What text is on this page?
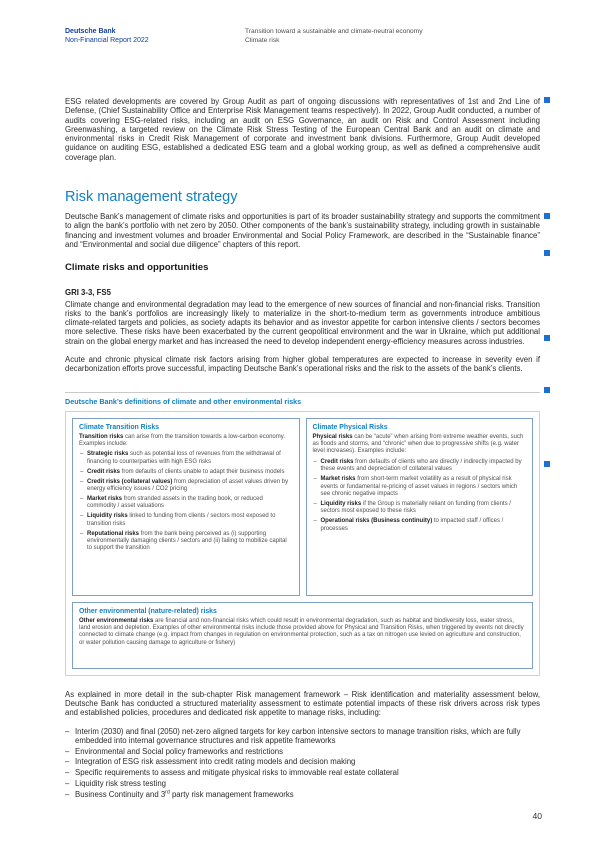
Deutsche Bank
Non-Financial Report 2022
Transition toward a sustainable and climate-neutral economy
Climate risk

ESG related developments are covered by Group Audit as part of ongoing discussions with representatives of 1st and 2nd Line of Defense, (Chief Sustainability Office and Enterprise Risk Management teams respectively). In 2022, Group Audit conducted, a number of audits covering ESG-related risks, including an audit on ESG Governance, an audit on Risk and Control Assessment including Greenwashing, a targeted review on the Climate Risk Stress Testing of the European Central Bank and an audit on climate and environmental risks in Credit Risk Management of corporate and investment bank divisions. Furthermore, Group Audit developed guidance on auditing ESG, established a dedicated ESG team and a global working group, as well as defined a comprehensive audit coverage plan.

Risk management strategy

Deutsche Bank’s management of climate risks and opportunities is part of its broader sustainability strategy and supports the commitment to align the bank’s portfolio with net zero by 2050. Other components of the bank’s sustainability strategy, including growth in sustainable financing and investment volumes and broader Environmental and Social Policy Framework, are described in the “Sustainable finance” and “Environmental and social due diligence” chapters of this report.

Climate risks and opportunities

GRI 3-3, FS5

Climate change and environmental degradation may lead to the emergence of new sources of financial and non-financial risks. Transition risks to the bank’s portfolios are increasingly likely to materialize in the short-to-medium term as governments introduce ambitious climate-related targets and policies, as society adapts its behavior and as investor appetite for carbon intensive clients / sectors becomes more selective. These risks have been exacerbated by the current geopolitical environment and the war in Ukraine, which put additional strain on the global energy market and has increased the need to develop independent energy-efficiency measures across industries.

Acute and chronic physical climate risk factors arising from higher global temperatures are expected to increase in severity even if decarbonization efforts prove successful, impacting Deutsche Bank’s operational risks and the risk to the assets of the bank’s clients.

Deutsche Bank’s definitions of climate and other environmental risks
Climate Transition Risks

Transition risks can arise from the transition towards a low-carbon economy. Examples include:

– Strategic risks such as potential loss of revenues from the withdrawal of financing to counterparties with high ESG risks
– Credit risks from defaults of clients unable to adapt their business models
– Credit risks (collateral values) from depreciation of asset values driven by energy efficiency issues / CO2 pricing
– Market risks from stranded assets in the trading book, or reduced commodity / asset valuations
– Liquidity risks linked to funding from clients / sectors most exposed to transition risks
– Reputational risks from the bank being perceived as (i) supporting environmentally damaging clients / sectors and (ii) failing to mobilize capital to support the transition
Climate Physical Risks

Physical risks can be “acute” when arising from extreme weather events, such as floods and storms, and “chronic” when due to progressive shifts (e.g. water level increases). Examples include:

– Credit risks from defaults of clients who are directly / indirectly impacted by these events and depreciation of collateral values
– Market risks from short-term market volatility as a result of physical risk events or fundamental re-pricing of asset values in regions / sectors which see chronic negative impacts
– Liquidity risks if the Group is materially reliant on funding from clients / sectors most exposed to these risks
– Operational risks (Business continuity) to impacted staff / offices / processes
Other environmental (nature-related) risks

Other environmental risks are financial and non-financial risks which could result in environmental degradation, such as habitat and biodiversity loss, water stress, land erosion and depletion. Examples of other environmental risks include those provided above for Physical and Transition Risks, when triggered by events not directly connected to climate change (e.g. impact from changes in regulation on environmental protection, such as a tax on nitrogen use levied on agriculture and construction, or water pollution causing damage to agriculture or fishery)

As explained in more detail in the sub-chapter Risk management framework – Risk identification and materiality assessment below, Deutsche Bank has conducted a structured materiality assessment to estimate potential impacts of these risk drivers across risk types and established policies, procedures and dedicated risk appetite to manage risks, including:

– Interim (2030) and final (2050) net-zero aligned targets for key carbon intensive sectors to manage transition risks, which are fully embedded into internal governance structures and risk appetite frameworks
– Environmental and Social policy frameworks and restrictions
– Integration of ESG risk assessment into credit rating models and decision making
– Specific requirements to assess and mitigate physical risks to immovable real estate collateral
– Liquidity risk stress testing
– Business Continuity and 3rd party risk management frameworks
40
